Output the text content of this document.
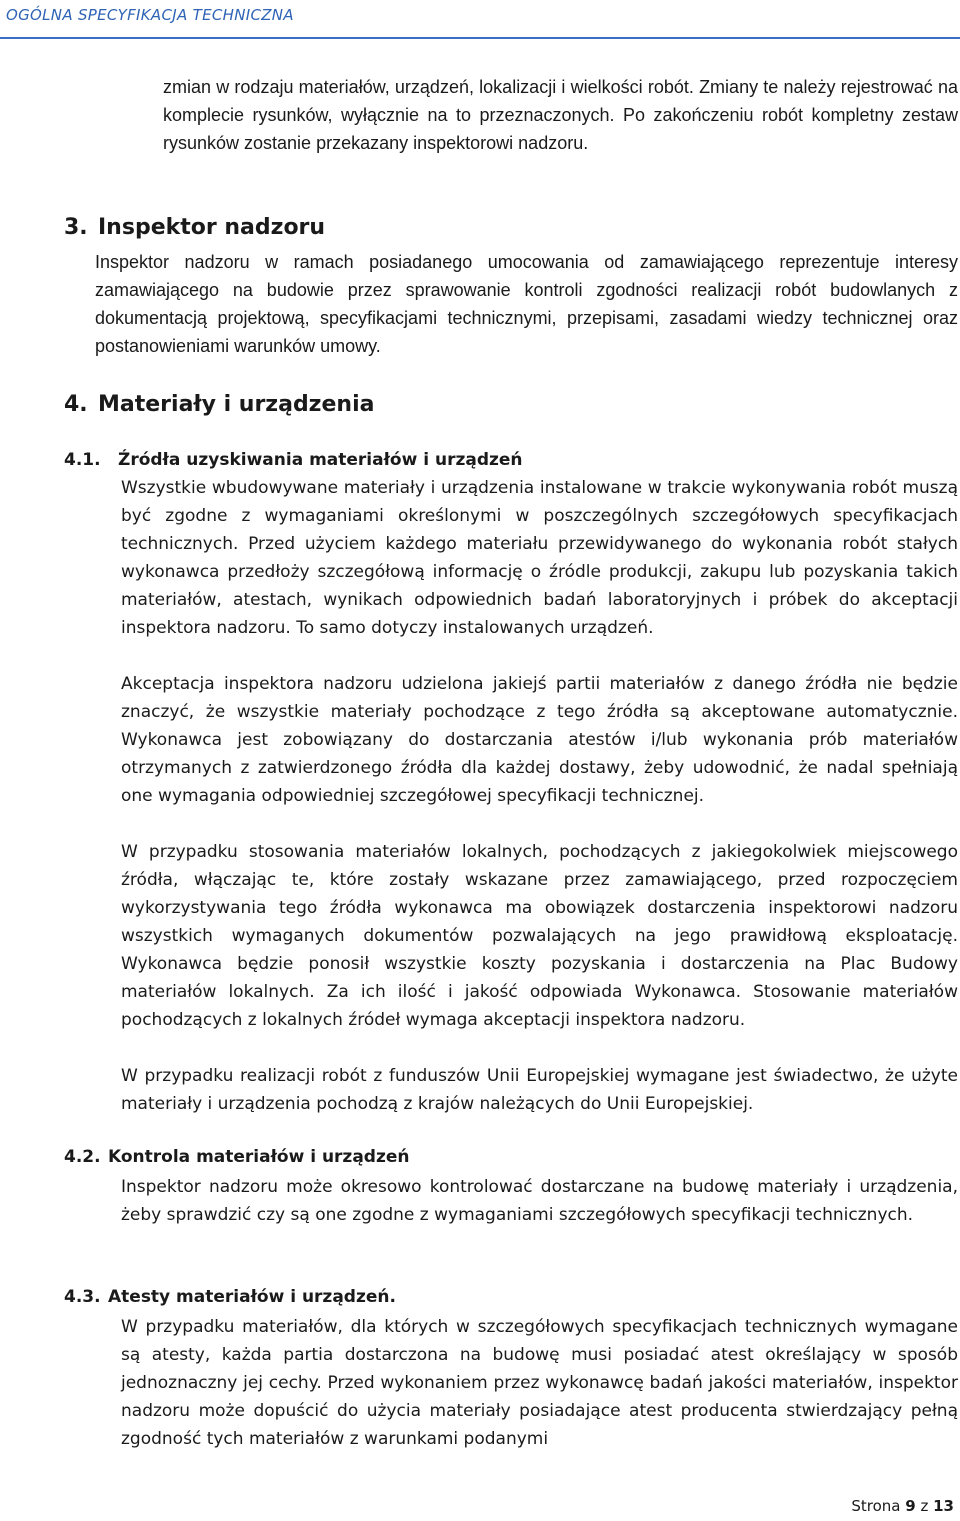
OGÓLNA SPECYFIKACJA TECHNICZNA

zmian w rodzaju materiałów, urządzeń, lokalizacji i wielkości robót. Zmiany te należy rejestrować na komplecie rysunków, wyłącznie na to przeznaczonych. Po zakończeniu robót kompletny zestaw rysunków zostanie przekazany inspektorowi nadzoru.

3. Inspektor nadzoru

Inspektor nadzoru w ramach posiadanego umocowania od zamawiającego reprezentuje interesy zamawiającego na budowie przez sprawowanie kontroli zgodności realizacji robót budowlanych z dokumentacją projektową, specyfikacjami technicznymi, przepisami, zasadami wiedzy technicznej oraz postanowieniami warunków umowy.

4. Materiały i urządzenia
4.1. Źródła uzyskiwania materiałów i urządzeń

Wszystkie wbudowywane materiały i urządzenia instalowane w trakcie wykonywania robót muszą być zgodne z wymaganiami określonymi w poszczególnych szczegółowych specyfikacjach technicznych. Przed użyciem każdego materiału przewidywanego do wykonania robót stałych wykonawca przedłoży szczegółową informację o źródle produkcji, zakupu lub pozyskania takich materiałów, atestach, wynikach odpowiednich badań laboratoryjnych i próbek do akceptacji inspektora nadzoru. To samo dotyczy instalowanych urządzeń.

Akceptacja inspektora nadzoru udzielona jakiejś partii materiałów z danego źródła nie będzie znaczyć, że wszystkie materiały pochodzące z tego źródła są akceptowane automatycznie. Wykonawca jest zobowiązany do dostarczania atestów i/lub wykonania prób materiałów otrzymanych z zatwierdzonego źródła dla każdej dostawy, żeby udowodnić, że nadal spełniają one wymagania odpowiedniej szczegółowej specyfikacji technicznej.

W przypadku stosowania materiałów lokalnych, pochodzących z jakiegokolwiek miejscowego źródła, włączając te, które zostały wskazane przez zamawiającego, przed rozpoczęciem wykorzystywania tego źródła wykonawca ma obowiązek dostarczenia inspektorowi nadzoru wszystkich wymaganych dokumentów pozwalających na jego prawidłową eksploatację. Wykonawca będzie ponosił wszystkie koszty pozyskania i dostarczenia na Plac Budowy materiałów lokalnych. Za ich ilość i jakość odpowiada Wykonawca. Stosowanie materiałów pochodzących z lokalnych źródeł wymaga akceptacji inspektora nadzoru.

W przypadku realizacji robót z funduszów Unii Europejskiej wymagane jest świadectwo, że użyte materiały i urządzenia pochodzą z krajów należących do Unii Europejskiej.

4.2. Kontrola materiałów i urządzeń

Inspektor nadzoru może okresowo kontrolować dostarczane na budowę materiały i urządzenia, żeby sprawdzić czy są one zgodne z wymaganiami szczegółowych specyfikacji technicznych.

4.3. Atesty materiałów i urządzeń.

W przypadku materiałów, dla których w szczegółowych specyfikacjach technicznych wymagane są atesty, każda partia dostarczona na budowę musi posiadać atest określający w sposób jednoznaczny jej cechy. Przed wykonaniem przez wykonawcę badań jakości materiałów, inspektor nadzoru może dopuścić do użycia materiały posiadające atest producenta stwierdzający pełną zgodność tych materiałów z warunkami podanymi

Strona 9 z 13
